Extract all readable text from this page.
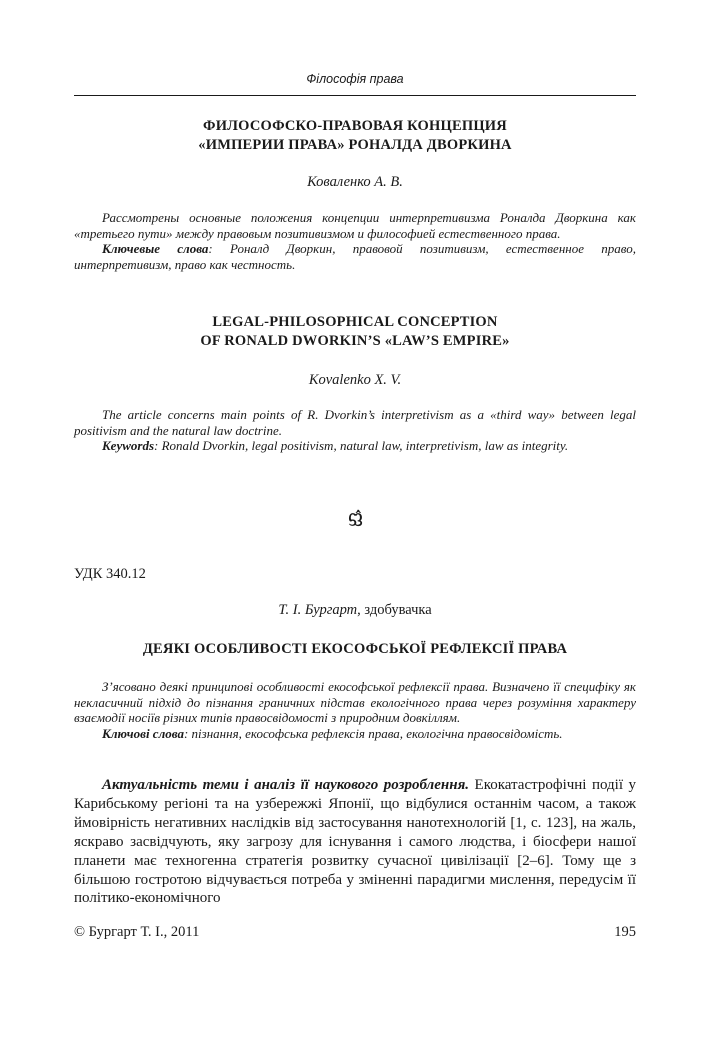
Філософія права
ФИЛОСОФСКО-ПРАВОВАЯ КОНЦЕПЦИЯ
«ИМПЕРИИ ПРАВА» РОНАЛДА ДВОРКИНА
Коваленко А. В.

Рассмотрены основные положения концепции интерпретивизма Роналда Дворкина как «третьего пути» между правовым позитивизмом и философией естественного права.

Ключевые слова: Роналд Дворкин, правовой позитивизм, естественное право, интерпретивизм, право как честность.

LEGAL-PHILOSOPHICAL CONCEPTION
OF RONALD DWORKIN’S «LAW’S EMPIRE»
Kovalenko X. V.

The article concerns main points of R. Dvorkin’s interpretivism as a «third way» between legal positivism and the natural law doctrine.

Keywords: Ronald Dvorkin, legal positivism, natural law, interpretivism, law as integrity.

ᦓᦤ
УДК 340.12
Т. І. Бургарт, здобувачка
ДЕЯКІ ОСОБЛИВОСТІ ЕКОСОФСЬКОЇ РЕФЛЕКСІЇ ПРАВА

З’ясовано деякі принципові особливості екософської рефлексії права. Визначено її специфіку як некласичний підхід до пізнання граничних підстав екологічного права через розуміння характеру взаємодії носіїв різних типів правосвідомості з природним довкіллям.

Ключові слова: пізнання, екософська рефлексія права, екологічна правосвідомість.

Актуальність теми і аналіз її наукового розроблення. Екокатастрофічні події у Карибському регіоні та на узбережжі Японії, що відбулися останнім часом, а також ймовірність негативних наслідків від застосування нанотехнологій [1, с. 123], на жаль, яскраво засвідчують, яку загрозу для існування і самого людства, і біосфери нашої планети має техногенна стратегія розвитку сучасної цивілізації [2–6]. Тому ще з більшою гостротою відчувається потреба у зміненні парадигми мислення, передусім її політико-економічного

© Бургарт Т. І., 2011	195
